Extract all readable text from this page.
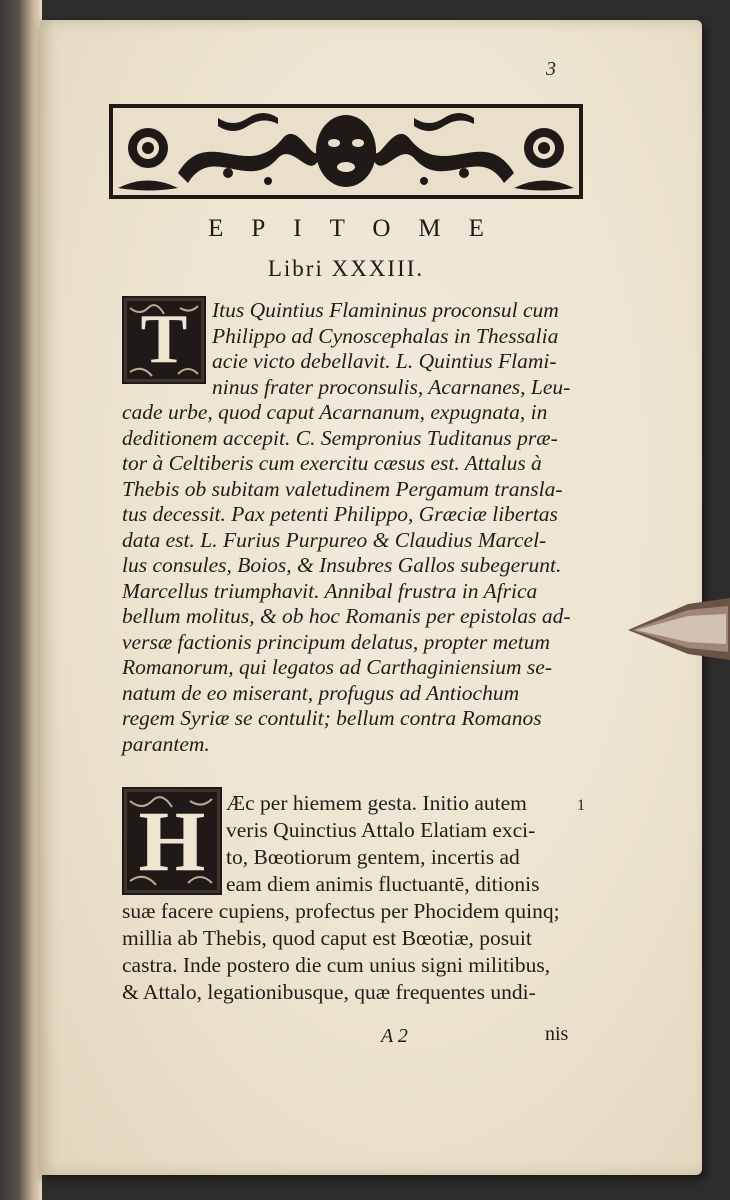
3
EPITOME
Libri XXXIII.
T	Itus Quintius Flamininus proconsul cum
Philippo ad Cynoscephalas in Thessalia
acie victo debellavit. L. Quintius Flami-
ninus frater proconsulis, Acarnanes, Leu-
cade urbe, quod caput Acarnanum, expugnata, in
deditionem accepit. C. Sempronius Tuditanus præ-
tor à Celtiberis cum exercitu cæsus est. Attalus à
Thebis ob subitam valetudinem Pergamum transla-
tus decessit. Pax petenti Philippo, Græciæ libertas
data est. L. Furius Purpureo & Claudius Marcel-
lus consules, Boios, & Insubres Gallos subegerunt.
Marcellus triumphavit. Annibal frustra in Africa
bellum molitus, & ob hoc Romanis per epistolas ad-
versæ factionis principum delatus, propter metum
Romanorum, qui legatos ad Carthaginiensium se-
natum de eo miserant, profugus ad Antiochum
H Æc per hiemem gesta. Initio autem
veris Quinctius Attalo Elatiam exci-
to, Bœotiorum gentem, incertis ad
eam diem animis fluctuantē, ditionis
suæ facere cupiens, profectus per Phocidem quinq;
millia ab Thebis, quod caput est Bœotiæ, posuit
castra. Inde postero die cum unius signi militibus,
& Attalo, legationibusque, quæ frequentes undi-
1
A 2	nis
regem Syriæ se contulit; bellum contra Romanos
parantem.
